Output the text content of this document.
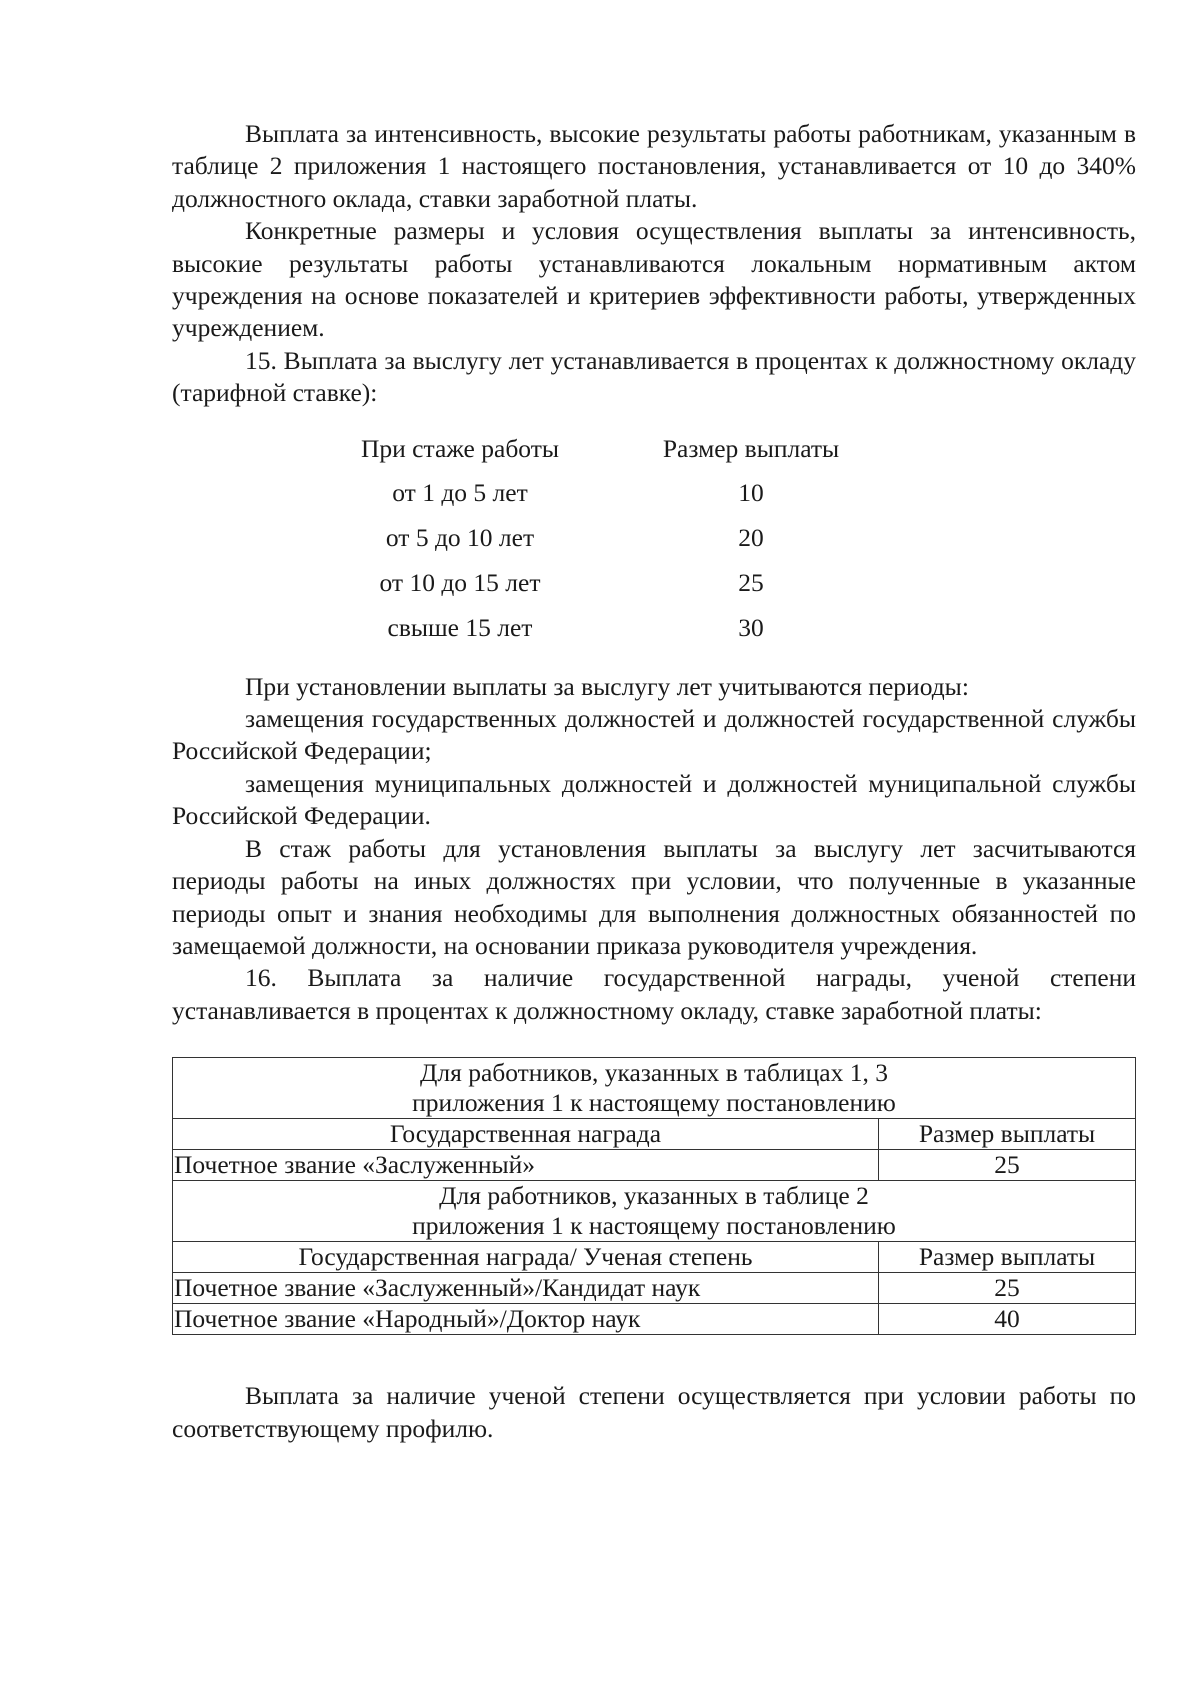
Выплата за интенсивность, высокие результаты работы работникам, указанным в таблице 2 приложения 1 настоящего постановления, устанавливается от 10 до 340% должностного оклада, ставки заработной платы.

Конкретные размеры и условия осуществления выплаты за интенсивность, высокие результаты работы устанавливаются локальным нормативным актом учреждения на основе показателей и критериев эффективности работы, утвержденных учреждением.

15. Выплата за выслугу лет устанавливается в процентах к должностному окладу (тарифной ставке):

При стаже работы		Размер выплаты
от 1 до 5 лет		10
от 5 до 10 лет		20
от 10 до 15 лет		25
свыше 15 лет		30

При установлении выплаты за выслугу лет учитываются периоды:

замещения государственных должностей и должностей государственной службы Российской Федерации;

замещения муниципальных должностей и должностей муниципальной службы Российской Федерации.

В стаж работы для установления выплаты за выслугу лет засчитываются периоды работы на иных должностях при условии, что полученные в указанные периоды опыт и знания необходимы для выполнения должностных обязанностей по замещаемой должности, на основании приказа руководителя учреждения.

16. Выплата за наличие государственной награды, ученой степени устанавливается в процентах к должностному окладу, ставке заработной платы:

Для работников, указанных в таблицах 1, 3
приложения 1 к настоящему постановлению	

Государственная награда	Размер выплаты
Почетное звание «Заслуженный»	25

Для работников, указанных в таблице 2
приложения 1 к настоящему постановлению	

Государственная награда/ Ученая степень	Размер выплаты
Почетное звание «Заслуженный»/Кандидат наук	25
Почетное звание «Народный»/Доктор наук	40

Выплата за наличие ученой степени осуществляется при условии работы по соответствующему профилю.
